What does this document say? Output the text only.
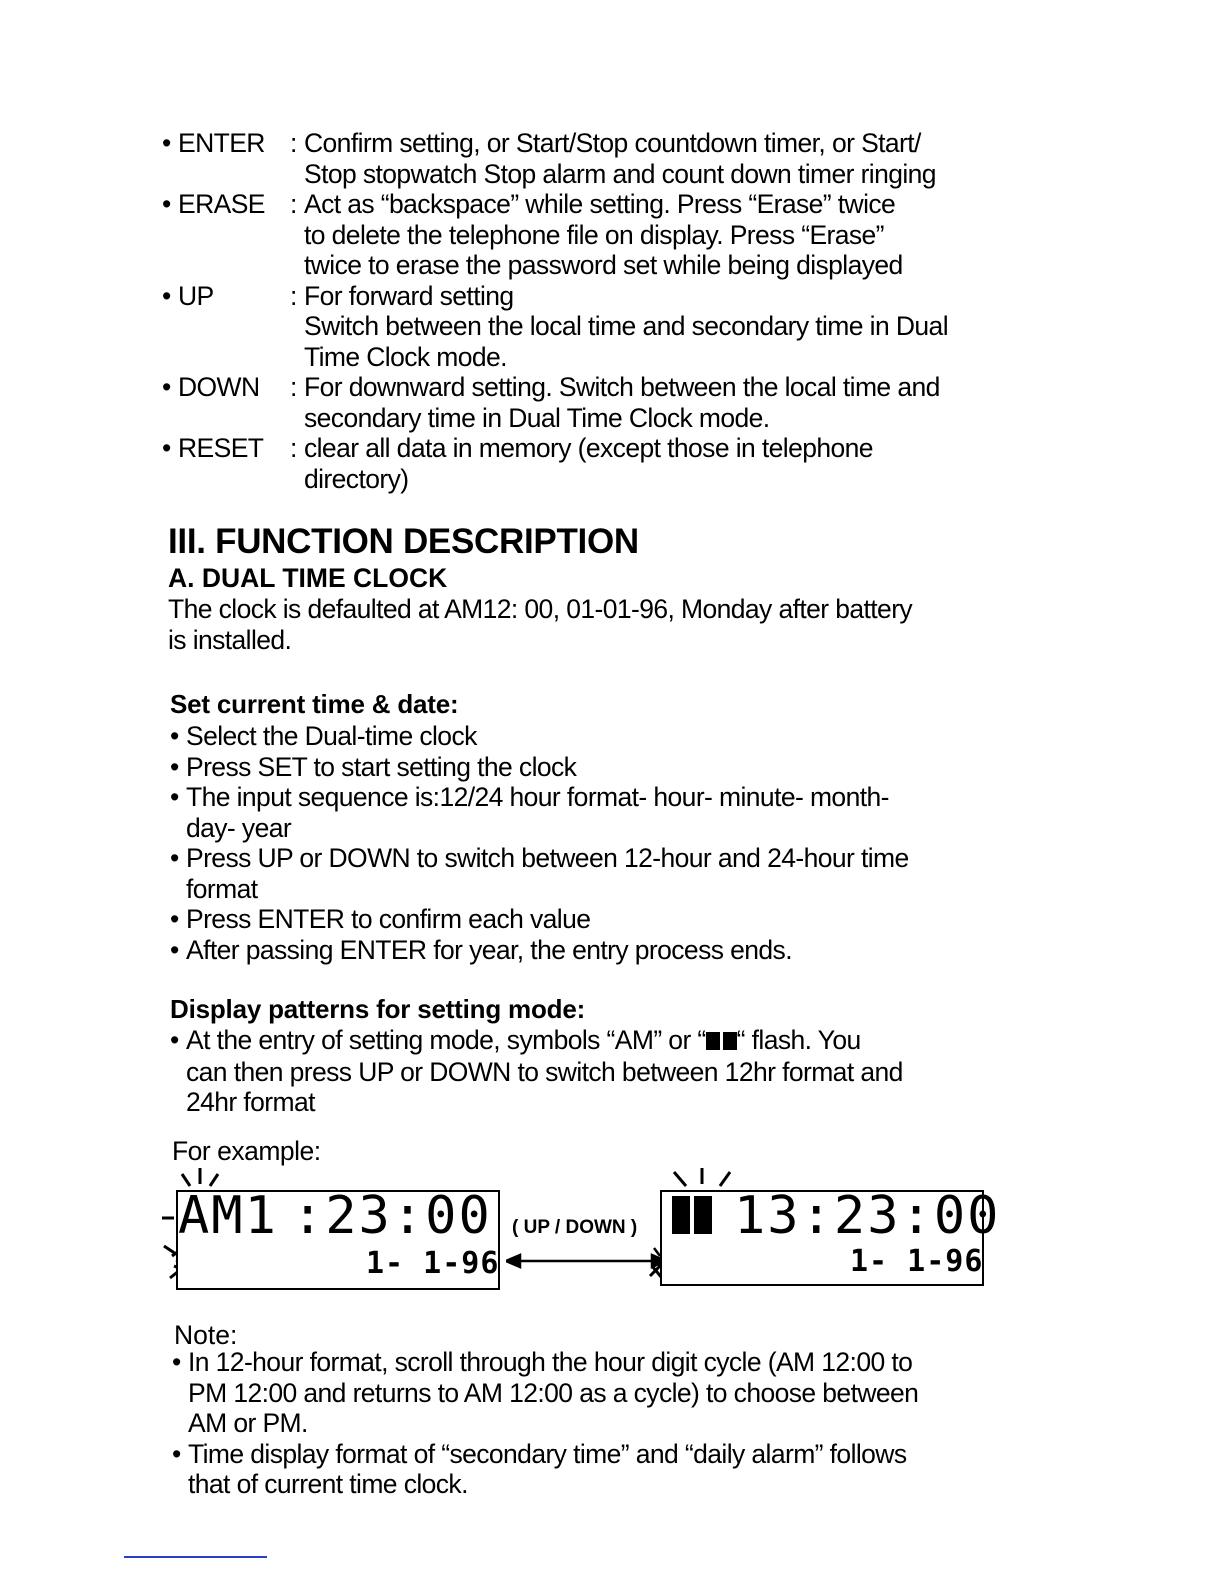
• ENTER : Confirm setting, or Start/Stop countdown timer, or Start/
Stop stopwatch Stop alarm and count down timer ringing
• ERASE : Act as “backspace” while setting. Press “Erase” twice
to delete the telephone file on display. Press “Erase”
twice to erase the password set while being displayed
• UP	: For forward setting
Switch between the local time and secondary time in Dual
Time Clock mode.
• DOWN	: For downward setting. Switch between the local time and
secondary time in Dual Time Clock mode.
• RESET	: clear all data in memory (except those in telephone
directory)
III. FUNCTION DESCRIPTION
A. DUAL TIME CLOCK
The clock is defaulted at AM12: 00, 01-01-96, Monday after battery
is installed.
Set current time & date:
• Select the Dual-time clock
• Press SET to start setting the clock
• The input sequence is:12/24 hour format- hour- minute- month-
day- year
• Press UP or DOWN to switch between 12-hour and 24-hour time
format
• Press ENTER to confirm each value
• After passing ENTER for year, the entry process ends.
Display patterns for setting mode:
• At the entry of setting mode, symbols “AM” or “ “ flash. You
can then press UP or DOWN to switch between 12hr format and
24hr format
For example:
AM1 :23:00
1- 1-96
( UP / DOWN ) 13:23:00
1- 1-96
Note:
• In 12-hour format, scroll through the hour digit cycle (AM 12:00 to
PM 12:00 and returns to AM 12:00 as a cycle) to choose between
AM or PM.
• Time display format of “secondary time” and “daily alarm” follows
that of current time clock.
